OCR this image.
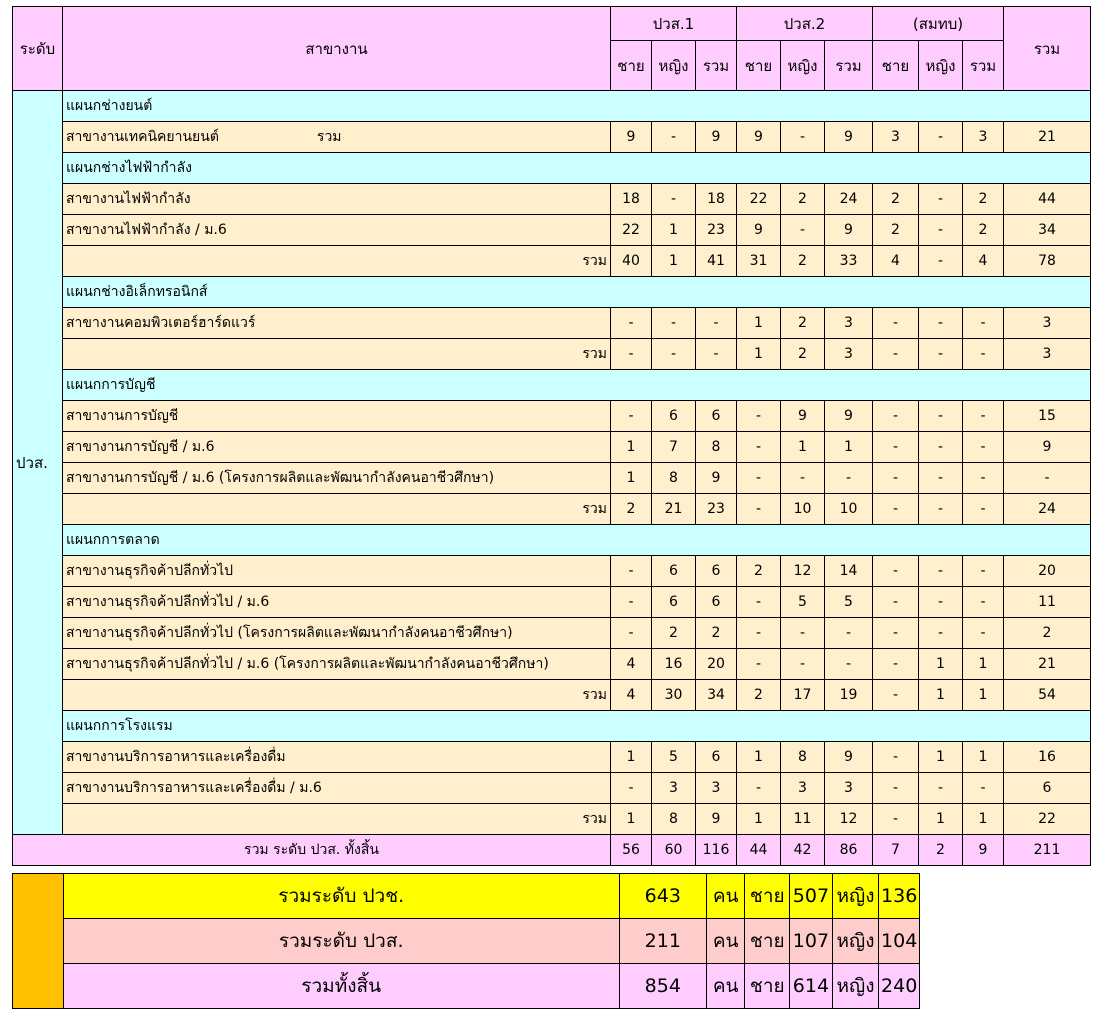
ระดับ	สาขางาน	ปวส.1			ปวส.2			(สมทบ)			รวม
		ชาย	หญิง	รวม	ชาย	หญิง	รวม	ชาย	หญิง	รวม	
ปวส.	แผนกช่างยนต์										
	สาขางานเทคนิคยานยนต์ รวม	9	-	9	9	-	9	3	-	3	21
	แผนกช่างไฟฟ้ากำลัง										
	สาขางานไฟฟ้ากำลัง	18	-	18	22	2	24	2	-	2	44
	สาขางานไฟฟ้ากำลัง / ม.6	22	1	23	9	-	9	2	-	2	34
	รวม	40	1	41	31	2	33	4	-	4	78
	แผนกช่างอิเล็กทรอนิกส์										
	สาขางานคอมพิวเตอร์ฮาร์ดแวร์	-	-	-	1	2	3	-	-	-	3
	รวม	-	-	-	1	2	3	-	-	-	3
	แผนกการบัญชี										
	สาขางานการบัญชี	-	6	6	-	9	9	-	-	-	15
	สาขางานการบัญชี / ม.6	1	7	8	-	1	1	-	-	-	9
	สาขางานการบัญชี / ม.6 (โครงการผลิตและพัฒนากำลังคนอาชีวศึกษา)	1	8	9	-	-	-	-	-	-	-
	รวม	2	21	23	-	10	10	-	-	-	24
	แผนกการตลาด										
	สาขางานธุรกิจค้าปลีกทั่วไป	-	6	6	2	12	14	-	-	-	20
	สาขางานธุรกิจค้าปลีกทั่วไป / ม.6	-	6	6	-	5	5	-	-	-	11
	สาขางานธุรกิจค้าปลีกทั่วไป (โครงการผลิตและพัฒนากำลังคนอาชีวศึกษา)	-	2	2	-	-	-	-	-	-	2
	สาขางานธุรกิจค้าปลีกทั่วไป / ม.6 (โครงการผลิตและพัฒนากำลังคนอาชีวศึกษา)	4	16	20	-	-	-	-	1	1	21
	รวม	4	30	34	2	17	19	-	1	1	54
	แผนกการโรงแรม										
	สาขางานบริการอาหารและเครื่องดื่ม	1	5	6	1	8	9	-	1	1	16
	สาขางานบริการอาหารและเครื่องดื่ม / ม.6	-	3	3	-	3	3	-	-	-	6
	รวม	1	8	9	1	11	12	-	1	1	22
รวม ระดับ ปวส. ทั้งสิ้น		56	60	116	44	42	86	7	2	9	211
	รวมระดับ ปวช.	643	คน	ชาย	507	หญิง	136
	รวมระดับ ปวส.	211	คน	ชาย	107	หญิง	104
	รวมทั้งสิ้น	854	คน	ชาย	614	หญิง	240
